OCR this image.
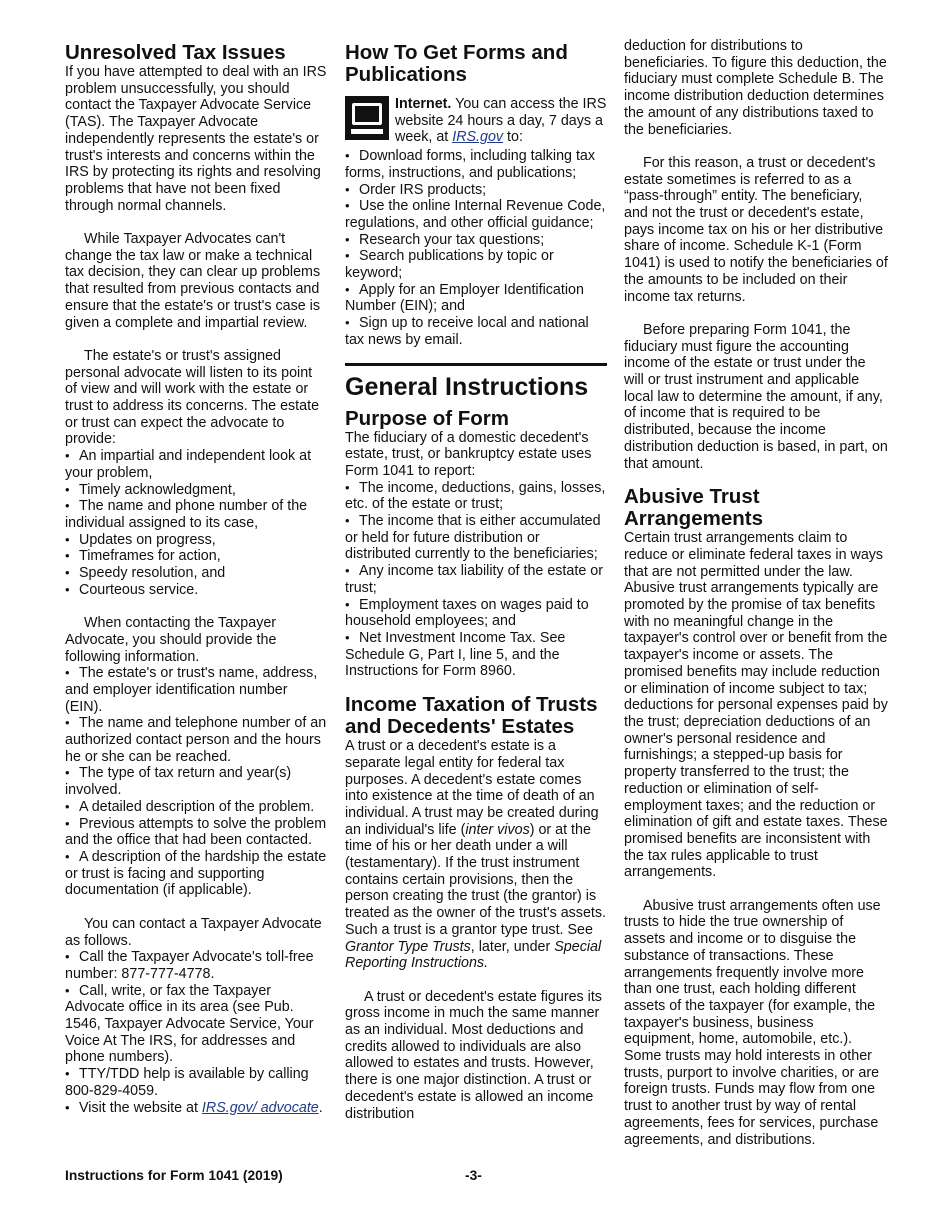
Unresolved Tax Issues

If you have attempted to deal with an IRS problem unsuccessfully, you should contact the Taxpayer Advocate Service (TAS). The Taxpayer Advocate independently represents the estate's or trust's interests and concerns within the IRS by protecting its rights and resolving problems that have not been fixed through normal channels.

While Taxpayer Advocates can't change the tax law or make a technical tax decision, they can clear up problems that resulted from previous contacts and ensure that the estate's or trust's case is given a complete and impartial review.

The estate's or trust's assigned personal advocate will listen to its point of view and will work with the estate or trust to address its concerns. The estate or trust can expect the advocate to provide:

• An impartial and independent look at your problem,

• Timely acknowledgment,

• The name and phone number of the individual assigned to its case,

• Updates on progress,

• Timeframes for action,

• Speedy resolution, and

• Courteous service.

When contacting the Taxpayer Advocate, you should provide the following information.

• The estate's or trust's name, address, and employer identification number (EIN).

• The name and telephone number of an authorized contact person and the hours he or she can be reached.

• The type of tax return and year(s) involved.

• A detailed description of the problem.

• Previous attempts to solve the problem and the office that had been contacted.

• A description of the hardship the estate or trust is facing and supporting documentation (if applicable).

You can contact a Taxpayer Advocate as follows.

• Call the Taxpayer Advocate's toll-free number: 877-777-4778.

• Call, write, or fax the Taxpayer Advocate office in its area (see Pub. 1546, Taxpayer Advocate Service, Your Voice At The IRS, for addresses and phone numbers).

• TTY/TDD help is available by calling 800-829-4059.

• Visit the website at IRS.gov/ advocate.

How To Get Forms and Publications

Internet. You can access the IRS website 24 hours a day, 7 days a week, at IRS.gov to:

• Download forms, including talking tax forms, instructions, and publications;

• Order IRS products;

• Use the online Internal Revenue Code, regulations, and other official guidance;

• Research your tax questions;

• Search publications by topic or keyword;

• Apply for an Employer Identification Number (EIN); and

• Sign up to receive local and national tax news by email.

General Instructions
Purpose of Form

The fiduciary of a domestic decedent's estate, trust, or bankruptcy estate uses Form 1041 to report:

• The income, deductions, gains, losses, etc. of the estate or trust;

• The income that is either accumulated or held for future distribution or distributed currently to the beneficiaries;

• Any income tax liability of the estate or trust;

• Employment taxes on wages paid to household employees; and

• Net Investment Income Tax. See Schedule G, Part I, line 5, and the Instructions for Form 8960.

Income Taxation of Trusts and Decedents' Estates

A trust or a decedent's estate is a separate legal entity for federal tax purposes. A decedent's estate comes into existence at the time of death of an individual. A trust may be created during an individual's life (inter vivos) or at the time of his or her death under a will (testamentary). If the trust instrument contains certain provisions, then the person creating the trust (the grantor) is treated as the owner of the trust's assets. Such a trust is a grantor type trust. See Grantor Type Trusts, later, under Special Reporting Instructions.

A trust or decedent's estate figures its gross income in much the same manner as an individual. Most deductions and credits allowed to individuals are also allowed to estates and trusts. However, there is one major distinction. A trust or decedent's estate is allowed an income distribution

deduction for distributions to beneficiaries. To figure this deduction, the fiduciary must complete Schedule B. The income distribution deduction determines the amount of any distributions taxed to the beneficiaries.

For this reason, a trust or decedent's estate sometimes is referred to as a “pass-through” entity. The beneficiary, and not the trust or decedent's estate, pays income tax on his or her distributive share of income. Schedule K-1 (Form 1041) is used to notify the beneficiaries of the amounts to be included on their income tax returns.

Before preparing Form 1041, the fiduciary must figure the accounting income of the estate or trust under the will or trust instrument and applicable local law to determine the amount, if any, of income that is required to be distributed, because the income distribution deduction is based, in part, on that amount.

Abusive Trust Arrangements

Certain trust arrangements claim to reduce or eliminate federal taxes in ways that are not permitted under the law. Abusive trust arrangements typically are promoted by the promise of tax benefits with no meaningful change in the taxpayer's control over or benefit from the taxpayer's income or assets. The promised benefits may include reduction or elimination of income subject to tax; deductions for personal expenses paid by the trust; depreciation deductions of an owner's personal residence and furnishings; a stepped-up basis for property transferred to the trust; the reduction or elimination of self-employment taxes; and the reduction or elimination of gift and estate taxes. These promised benefits are inconsistent with the tax rules applicable to trust arrangements.

Abusive trust arrangements often use trusts to hide the true ownership of assets and income or to disguise the substance of transactions. These arrangements frequently involve more than one trust, each holding different assets of the taxpayer (for example, the taxpayer's business, business equipment, home, automobile, etc.). Some trusts may hold interests in other trusts, purport to involve charities, or are foreign trusts. Funds may flow from one trust to another trust by way of rental agreements, fees for services, purchase agreements, and distributions.

Instructions for Form 1041 (2019)	-3-
